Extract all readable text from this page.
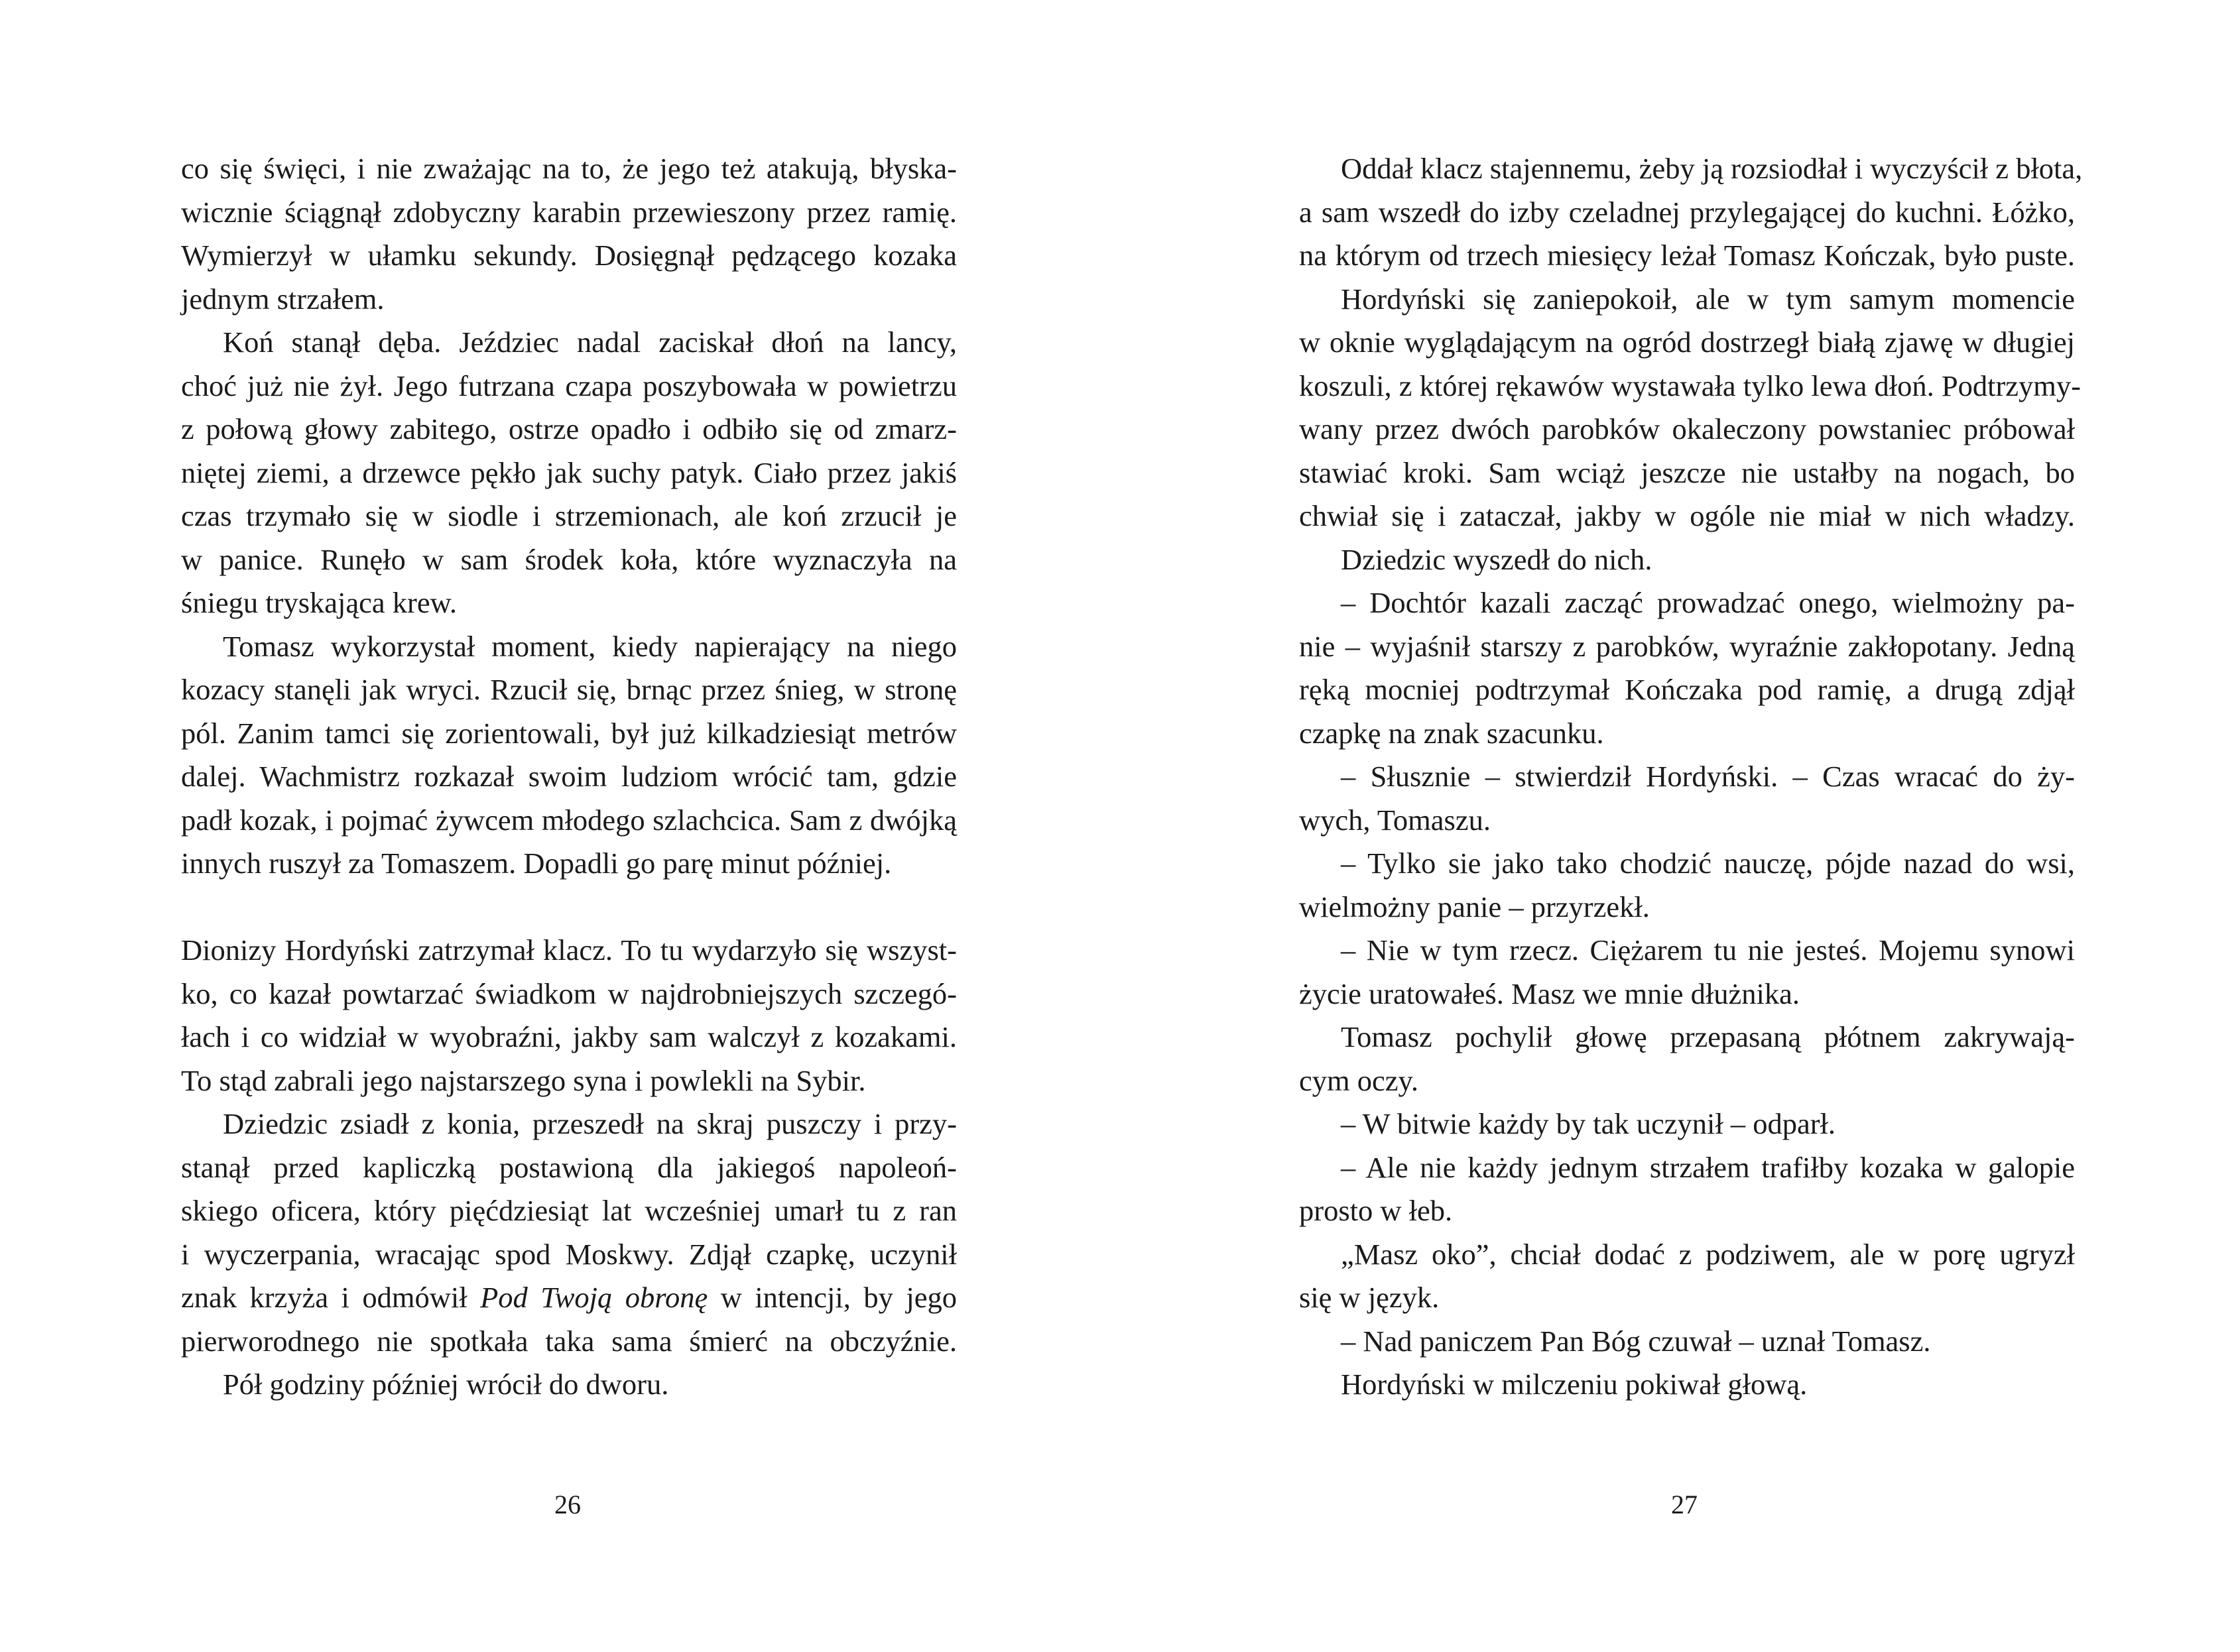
co się święci, i nie zważając na to, że jego też atakują, błyska-
wicznie ściągnął zdobyczny karabin przewieszony przez ramię.
Wymierzył w ułamku sekundy. Dosięgnął pędzącego kozaka
jednym strzałem.
Koń stanął dęba. Jeździec nadal zaciskał dłoń na lancy,
choć już nie żył. Jego futrzana czapa poszybowała w powietrzu
z połową głowy zabitego, ostrze opadło i odbiło się od zmarz-
niętej ziemi, a drzewce pękło jak suchy patyk. Ciało przez jakiś
czas trzymało się w siodle i strzemionach, ale koń zrzucił je
w panice. Runęło w sam środek koła, które wyznaczyła na
śniegu tryskająca krew.
Tomasz wykorzystał moment, kiedy napierający na niego
kozacy stanęli jak wryci. Rzucił się, brnąc przez śnieg, w stronę
pól. Zanim tamci się zorientowali, był już kilkadziesiąt metrów
dalej. Wachmistrz rozkazał swoim ludziom wrócić tam, gdzie
padł kozak, i pojmać żywcem młodego szlachcica. Sam z dwójką
innych ruszył za Tomaszem. Dopadli go parę minut później.
Dionizy Hordyński zatrzymał klacz. To tu wydarzyło się wszyst-
ko, co kazał powtarzać świadkom w najdrobniejszych szczegó-
łach i co widział w wyobraźni, jakby sam walczył z kozakami.
To stąd zabrali jego najstarszego syna i powlekli na Sybir.
Dziedzic zsiadł z konia, przeszedł na skraj puszczy i przy-
stanął przed kapliczką postawioną dla jakiegoś napoleoń-
skiego oficera, który pięćdziesiąt lat wcześniej umarł tu z ran
i wyczerpania, wracając spod Moskwy. Zdjął czapkę, uczynił
znak krzyża i odmówił Pod Twoją obronę w intencji, by jego
pierworodnego nie spotkała taka sama śmierć na obczyźnie.
Pół godziny później wrócił do dworu.
26
Oddał klacz stajennemu, żeby ją rozsiodłał i wyczyścił z błota,
a sam wszedł do izby czeladnej przylegającej do kuchni. Łóżko,
na którym od trzech miesięcy leżał Tomasz Kończak, było puste.
Hordyński się zaniepokoił, ale w tym samym momencie
w oknie wyglądającym na ogród dostrzegł białą zjawę w długiej
koszuli, z której rękawów wystawała tylko lewa dłoń. Podtrzymy-
wany przez dwóch parobków okaleczony powstaniec próbował
stawiać kroki. Sam wciąż jeszcze nie ustałby na nogach, bo
chwiał się i zataczał, jakby w ogóle nie miał w nich władzy.
Dziedzic wyszedł do nich.
– Dochtór kazali zacząć prowadzać onego, wielmożny pa-
nie – wyjaśnił starszy z parobków, wyraźnie zakłopotany. Jedną
ręką mocniej podtrzymał Kończaka pod ramię, a drugą zdjął
czapkę na znak szacunku.
– Słusznie – stwierdził Hordyński. – Czas wracać do ży-
wych, Tomaszu.
– Tylko sie jako tako chodzić nauczę, pójde nazad do wsi,
wielmożny panie – przyrzekł.
– Nie w tym rzecz. Ciężarem tu nie jesteś. Mojemu synowi
życie uratowałeś. Masz we mnie dłużnika.
Tomasz pochylił głowę przepasaną płótnem zakrywają-
cym oczy.
– W bitwie każdy by tak uczynił – odparł.
– Ale nie każdy jednym strzałem trafiłby kozaka w galopie
prosto w łeb.
„Masz oko”, chciał dodać z podziwem, ale w porę ugryzł
się w język.
– Nad paniczem Pan Bóg czuwał – uznał Tomasz.
Hordyński w milczeniu pokiwał głową.
27
